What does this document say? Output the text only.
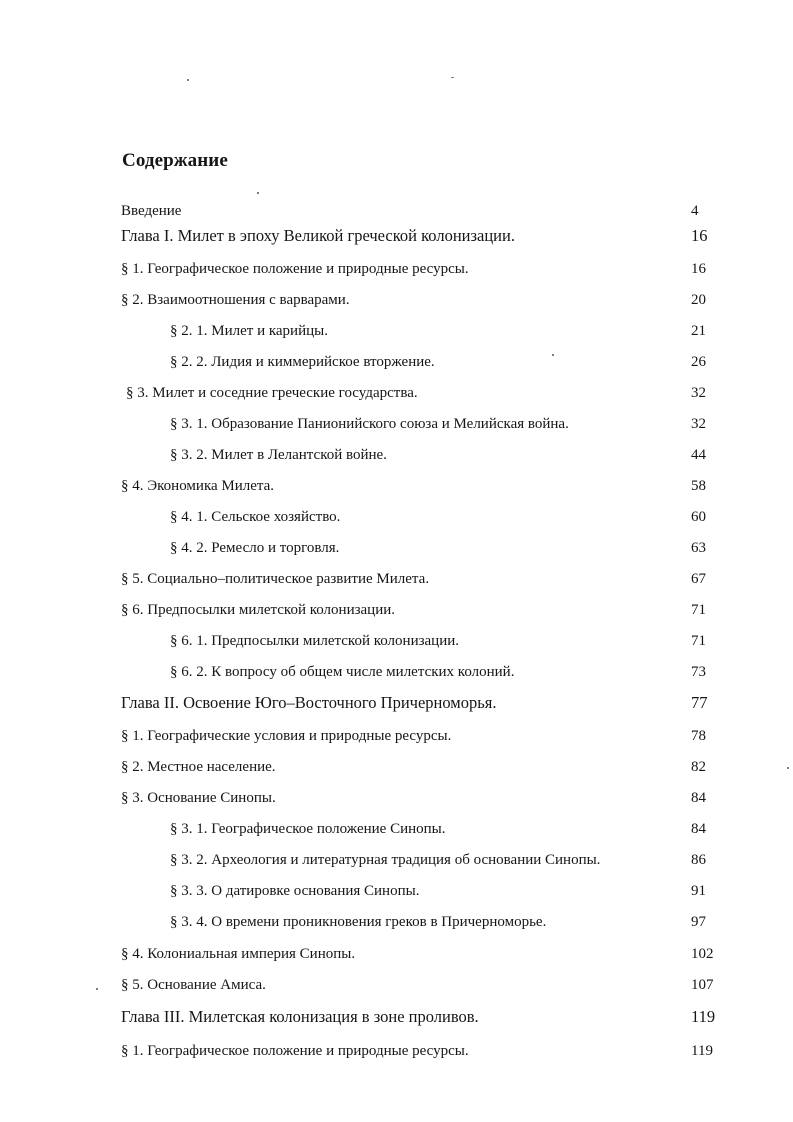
Содержание
Введение	4
Глава I. Милет в эпоху Великой греческой колонизации.	16
§ 1. Географическое положение и природные ресурсы.	16
§ 2. Взаимоотношения с варварами.	20
§ 2. 1. Милет и карийцы.	21
§ 2. 2. Лидия и киммерийское вторжение.	26
§ 3. Милет и соседние греческие государства.	32
§ 3. 1. Образование Панионийского союза и Мелийская война.	32
§ 3. 2. Милет в Лелантской войне.	44
§ 4. Экономика Милета.	58
§ 4. 1. Сельское хозяйство.	60
§ 4. 2. Ремесло и торговля.	63
§ 5. Социально–политическое развитие Милета.	67
§ 6. Предпосылки милетской колонизации.	71
§ 6. 1. Предпосылки милетской колонизации.	71
§ 6. 2. К вопросу об общем числе милетских колоний.	73
Глава II. Освоение Юго–Восточного Причерноморья.	77
§ 1. Географические условия и природные ресурсы.	78
§ 2. Местное население.	82
§ 3. Основание Синопы.	84
§ 3. 1. Географическое положение Синопы.	84
§ 3. 2. Археология и литературная традиция об основании Синопы.	86
§ 3. 3. О датировке основания Синопы.	91
§ 3. 4. О времени проникновения греков в Причерноморье.	97
§ 4. Колониальная империя Синопы.	102
§ 5. Основание Амиса.	107
Глава III. Милетская колонизация в зоне проливов.	119
§ 1. Географическое положение и природные ресурсы.	119
